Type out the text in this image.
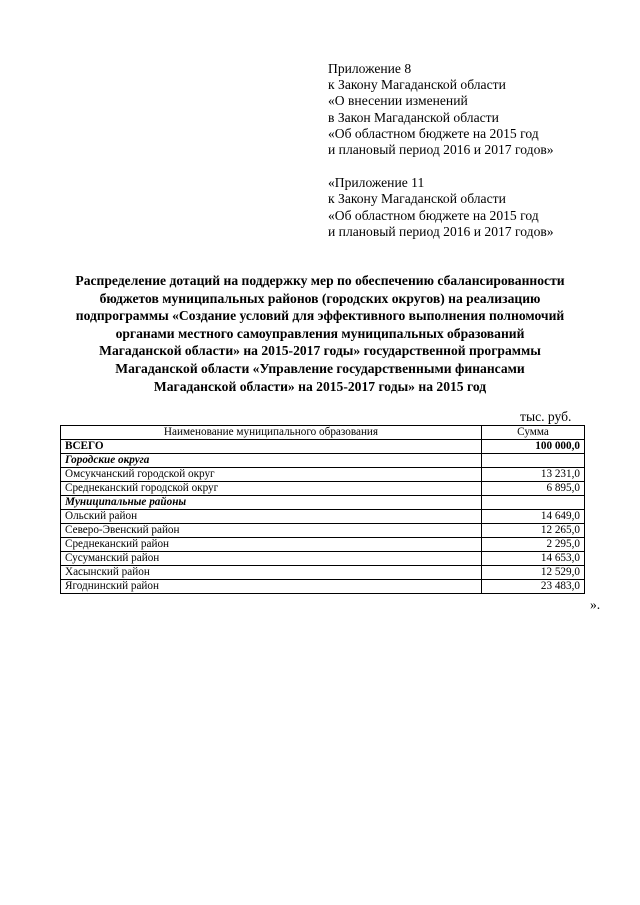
Приложение 8
к Закону Магаданской области
«О внесении изменений
в Закон Магаданской области
«Об областном бюджете на 2015 год
и плановый период 2016 и 2017 годов»
«Приложение 11
к Закону Магаданской области
«Об областном бюджете на 2015 год
и плановый период 2016 и 2017 годов»
Распределение дотаций на поддержку мер по обеспечению сбалансированности
бюджетов муниципальных районов (городских округов) на реализацию
подпрограммы «Создание условий для эффективного выполнения полномочий
органами местного самоуправления муниципальных образований
Магаданской области» на 2015-2017 годы» государственной программы
Магаданской области «Управление государственными финансами
Магаданской области» на 2015-2017 годы» на 2015 год
тыс. руб.
Наименование муниципального образования	Сумма
ВСЕГО	100 000,0
Городские округа	
Омсукчанский городской округ	13 231,0
Среднеканский городской округ	6 895,0
Муниципальные районы	
Ольский район	14 649,0
Северо-Эвенский район	12 265,0
Среднеканский район	2 295,0
Сусуманский район	14 653,0
Хасынский район	12 529,0
Ягоднинский район	23 483,0
».
